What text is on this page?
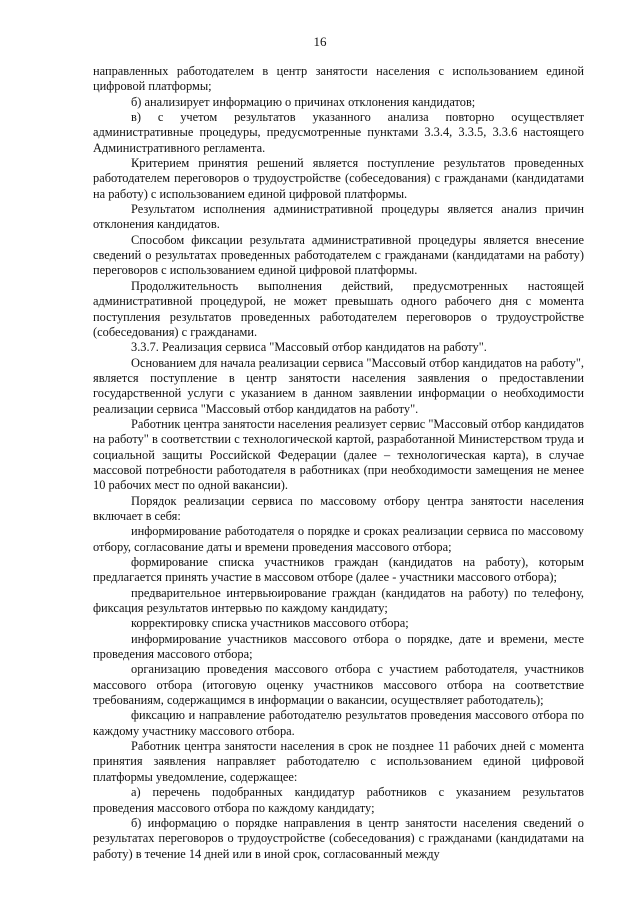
16

направленных работодателем в центр занятости населения с использованием единой цифровой платформы;

б) анализирует информацию о причинах отклонения кандидатов;

в) с учетом результатов указанного анализа повторно осуществляет административные процедуры, предусмотренные пунктами 3.3.4, 3.3.5, 3.3.6 настоящего Административного регламента.

Критерием принятия решений является поступление результатов проведенных работодателем переговоров о трудоустройстве (собеседования) с гражданами (кандидатами на работу) с использованием единой цифровой платформы.

Результатом исполнения административной процедуры является анализ причин отклонения кандидатов.

Способом фиксации результата административной процедуры является внесение сведений о результатах проведенных работодателем с гражданами (кандидатами на работу) переговоров с использованием единой цифровой платформы.

Продолжительность выполнения действий, предусмотренных настоящей административной процедурой, не может превышать одного рабочего дня с момента поступления результатов проведенных работодателем переговоров о трудоустройстве (собеседования) с гражданами.

3.3.7. Реализация сервиса "Массовый отбор кандидатов на работу".

Основанием для начала реализации сервиса "Массовый отбор кандидатов на работу", является поступление в центр занятости населения заявления о предоставлении государственной услуги с указанием в данном заявлении информации о необходимости реализации сервиса "Массовый отбор кандидатов на работу".

Работник центра занятости населения реализует сервис "Массовый отбор кандидатов на работу" в соответствии с технологической картой, разработанной Министерством труда и социальной защиты Российской Федерации (далее – технологическая карта), в случае массовой потребности работодателя в работниках (при необходимости замещения не менее 10 рабочих мест по одной вакансии).

Порядок реализации сервиса по массовому отбору центра занятости населения включает в себя:

информирование работодателя о порядке и сроках реализации сервиса по массовому отбору, согласование даты и времени проведения массового отбора;

формирование списка участников граждан (кандидатов на работу), которым предлагается принять участие в массовом отборе (далее - участники массового отбора);

предварительное интервьюирование граждан (кандидатов на работу) по телефону, фиксация результатов интервью по каждому кандидату;

корректировку списка участников массового отбора;

информирование участников массового отбора о порядке, дате и времени, месте проведения массового отбора;

организацию проведения массового отбора с участием работодателя, участников массового отбора (итоговую оценку участников массового отбора на соответствие требованиям, содержащимся в информации о вакансии, осуществляет работодатель);

фиксацию и направление работодателю результатов проведения массового отбора по каждому участнику массового отбора.

Работник центра занятости населения в срок не позднее 11 рабочих дней с момента принятия заявления направляет работодателю с использованием единой цифровой платформы уведомление, содержащее:

а) перечень подобранных кандидатур работников с указанием результатов проведения массового отбора по каждому кандидату;

б) информацию о порядке направления в центр занятости населения сведений о результатах переговоров о трудоустройстве (собеседования) с гражданами (кандидатами на работу) в течение 14 дней или в иной срок, согласованный между
